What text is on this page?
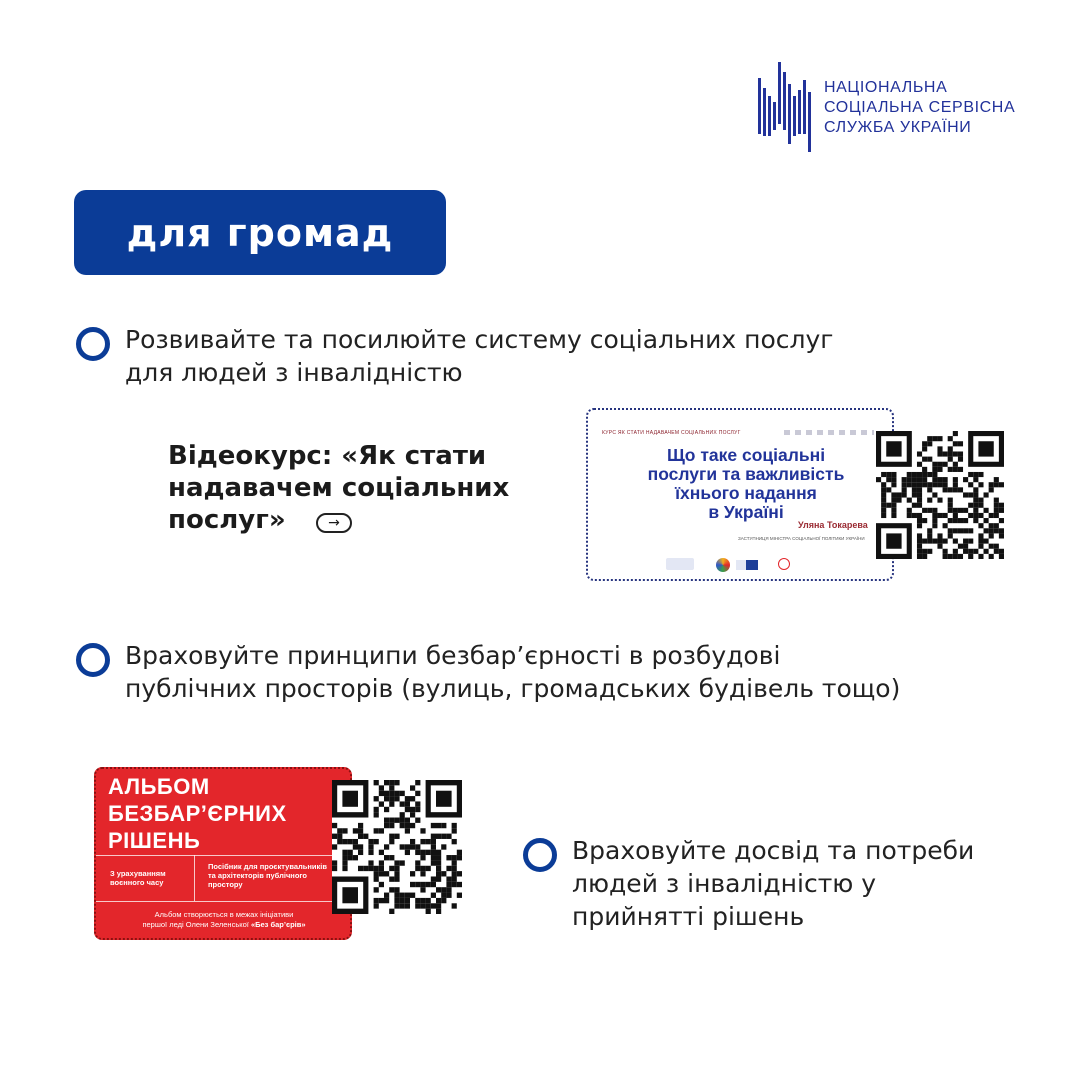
НАЦІОНАЛЬНА
СОЦІАЛЬНА СЕРВІСНА
СЛУЖБА УКРАЇНИ
для громад
Розвивайте та посилюйте систему соціальних послуг
для людей з інвалідністю
Відеокурс: «Як стати
надавачем соціальних
послуг»	→
КУРС ЯК СТАТИ НАДАВАЧЕМ СОЦІАЛЬНИХ ПОСЛУГ
Що таке соціальні
послуги та важливість
їхнього надання
в Україні
Уляна Токарева
ЗАСТУПНИЦЯ МІНІСТРА СОЦІАЛЬНОЇ ПОЛІТИКИ УКРАЇНИ
Враховуйте принципи безбар’єрності в розбудові
публічних просторів (вулиць, громадських будівель тощо)
АЛЬБОМ
БЕЗБАР’ЄРНИХ
РІШЕНЬ
З урахуванням
воєнного часу
Посібник для проєктувальників
та архітекторів публічного
простору
Альбом створюється в межах ініціативи
першої леді Олени Зеленської «Без бар’єрів»
Враховуйте досвід та потреби
людей з інвалідністю у
прийнятті рішень
